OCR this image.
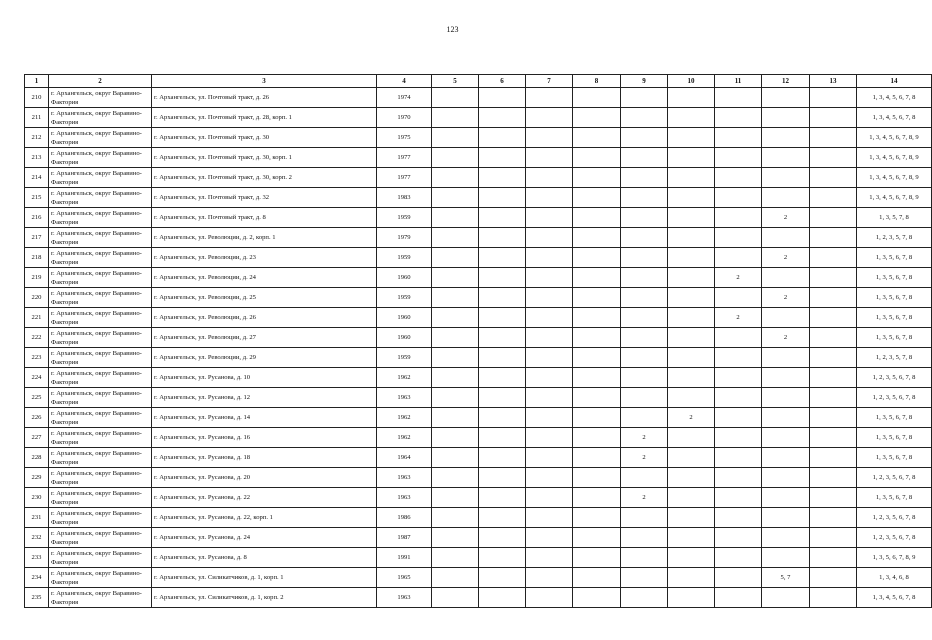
123
1	2	3	4	5	6	7	8	9	10	11	12	13	14
210	г. Архангельск, округ Варавино-Фактория	г. Архангельск, ул. Почтовый тракт, д. 26	1974										1, 3, 4, 5, 6, 7, 8
211	г. Архангельск, округ Варавино-Фактория	г. Архангельск, ул. Почтовый тракт, д. 28, корп. 1	1970										1, 3, 4, 5, 6, 7, 8
212	г. Архангельск, округ Варавино-Фактория	г. Архангельск, ул. Почтовый тракт, д. 30	1975										1, 3, 4, 5, 6, 7, 8, 9
213	г. Архангельск, округ Варавино-Фактория	г. Архангельск, ул. Почтовый тракт, д. 30, корп. 1	1977										1, 3, 4, 5, 6, 7, 8, 9
214	г. Архангельск, округ Варавино-Фактория	г. Архангельск, ул. Почтовый тракт, д. 30, корп. 2	1977										1, 3, 4, 5, 6, 7, 8, 9
215	г. Архангельск, округ Варавино-Фактория	г. Архангельск, ул. Почтовый тракт, д. 32	1983										1, 3, 4, 5, 6, 7, 8, 9
216	г. Архангельск, округ Варавино-Фактория	г. Архангельск, ул. Почтовый тракт, д. 8	1959								2		1, 3, 5, 7, 8
217	г. Архангельск, округ Варавино-Фактория	г. Архангельск, ул. Революции, д. 2, корп. 1	1979										1, 2, 3, 5, 7, 8
218	г. Архангельск, округ Варавино-Фактория	г. Архангельск, ул. Революции, д. 23	1959								2		1, 3, 5, 6, 7, 8
219	г. Архангельск, округ Варавино-Фактория	г. Архангельск, ул. Революции, д. 24	1960							2			1, 3, 5, 6, 7, 8
220	г. Архангельск, округ Варавино-Фактория	г. Архангельск, ул. Революции, д. 25	1959								2		1, 3, 5, 6, 7, 8
221	г. Архангельск, округ Варавино-Фактория	г. Архангельск, ул. Революции, д. 26	1960							2			1, 3, 5, 6, 7, 8
222	г. Архангельск, округ Варавино-Фактория	г. Архангельск, ул. Революции, д. 27	1960								2		1, 3, 5, 6, 7, 8
223	г. Архангельск, округ Варавино-Фактория	г. Архангельск, ул. Революции, д. 29	1959										1, 2, 3, 5, 7, 8
224	г. Архангельск, округ Варавино-Фактория	г. Архангельск, ул. Русанова, д. 10	1962										1, 2, 3, 5, 6, 7, 8
225	г. Архангельск, округ Варавино-Фактория	г. Архангельск, ул. Русанова, д. 12	1963										1, 2, 3, 5, 6, 7, 8
226	г. Архангельск, округ Варавино-Фактория	г. Архангельск, ул. Русанова, д. 14	1962						2				1, 3, 5, 6, 7, 8
227	г. Архангельск, округ Варавино-Фактория	г. Архангельск, ул. Русанова, д. 16	1962					2					1, 3, 5, 6, 7, 8
228	г. Архангельск, округ Варавино-Фактория	г. Архангельск, ул. Русанова, д. 18	1964					2					1, 3, 5, 6, 7, 8
229	г. Архангельск, округ Варавино-Фактория	г. Архангельск, ул. Русанова, д. 20	1963										1, 2, 3, 5, 6, 7, 8
230	г. Архангельск, округ Варавино-Фактория	г. Архангельск, ул. Русанова, д. 22	1963					2					1, 3, 5, 6, 7, 8
231	г. Архангельск, округ Варавино-Фактория	г. Архангельск, ул. Русанова, д. 22, корп. 1	1986										1, 2, 3, 5, 6, 7, 8
232	г. Архангельск, округ Варавино-Фактория	г. Архангельск, ул. Русанова, д. 24	1987										1, 2, 3, 5, 6, 7, 8
233	г. Архангельск, округ Варавино-Фактория	г. Архангельск, ул. Русанова, д. 8	1991										1, 3, 5, 6, 7, 8, 9
234	г. Архангельск, округ Варавино-Фактория	г. Архангельск, ул. Силикатчиков, д. 1, корп. 1	1965								5, 7		1, 3, 4, 6, 8
235	г. Архангельск, округ Варавино-Фактория	г. Архангельск, ул. Силикатчиков, д. 1, корп. 2	1963										1, 3, 4, 5, 6, 7, 8
